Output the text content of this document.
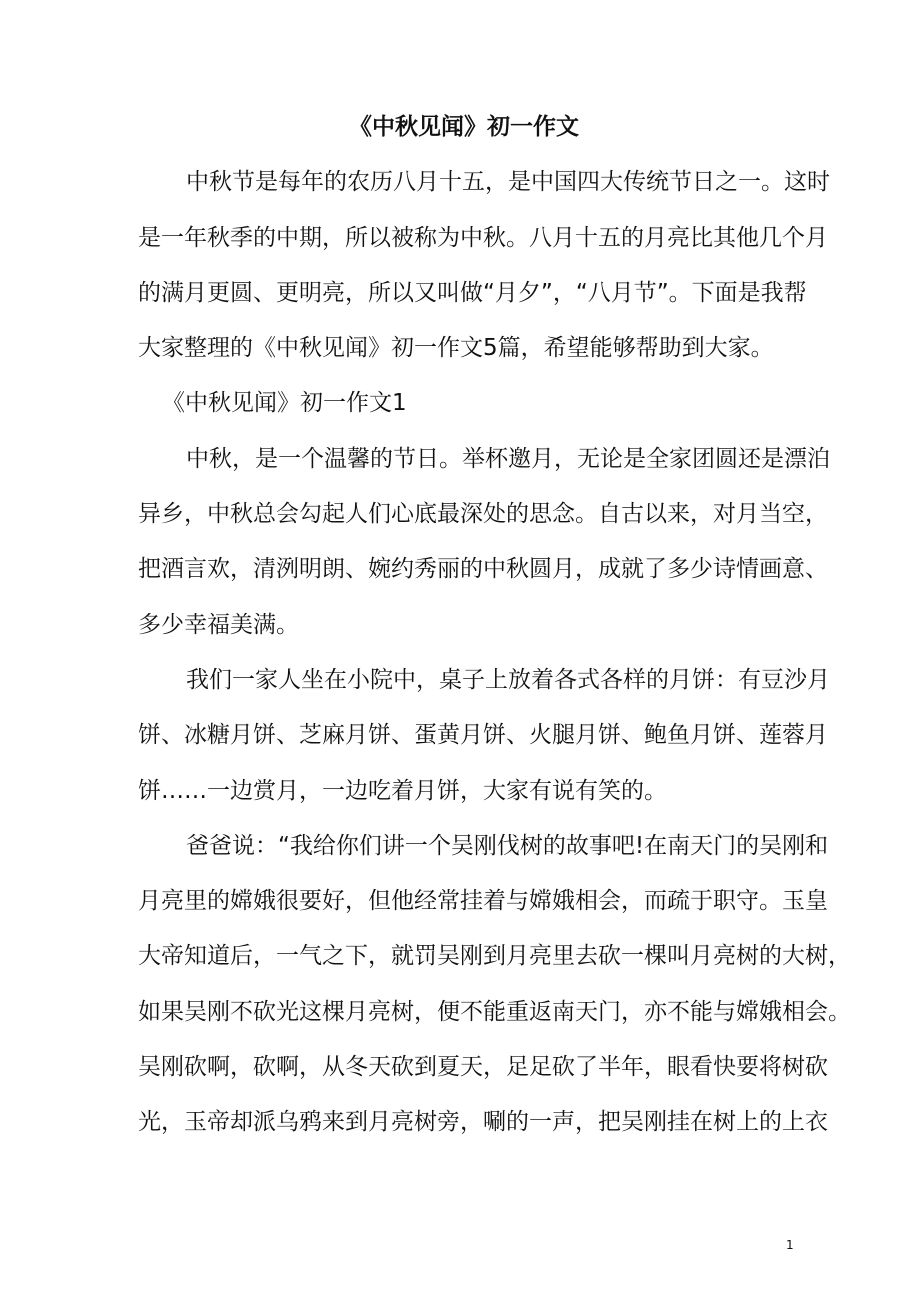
《中秋见闻》初一作文
中秋节是每年的农历八月十五，是中国四大传统节日之一。这时
是一年秋季的中期，所以被称为中秋。八月十五的月亮比其他几个月
的满月更圆、更明亮，所以又叫做“月夕”，“八月节”。下面是我帮
大家整理的《中秋见闻》初一作文5篇，希望能够帮助到大家。
《中秋见闻》初一作文1
中秋，是一个温馨的节日。举杯邀月，无论是全家团圆还是漂泊
异乡，中秋总会勾起人们心底最深处的思念。自古以来，对月当空，
把酒言欢，清洌明朗、婉约秀丽的中秋圆月，成就了多少诗情画意、
多少幸福美满。
我们一家人坐在小院中，桌子上放着各式各样的月饼：有豆沙月
饼、冰糖月饼、芝麻月饼、蛋黄月饼、火腿月饼、鲍鱼月饼、莲蓉月
饼……一边赏月，一边吃着月饼，大家有说有笑的。
爸爸说：“我给你们讲一个吴刚伐树的故事吧!在南天门的吴刚和
月亮里的嫦娥很要好，但他经常挂着与嫦娥相会，而疏于职守。玉皇
大帝知道后，一气之下，就罚吴刚到月亮里去砍一棵叫月亮树的大树，
如果吴刚不砍光这棵月亮树，便不能重返南天门，亦不能与嫦娥相会。
吴刚砍啊，砍啊，从冬天砍到夏天，足足砍了半年，眼看快要将树砍
光，玉帝却派乌鸦来到月亮树旁，唰的一声，把吴刚挂在树上的上衣
1
